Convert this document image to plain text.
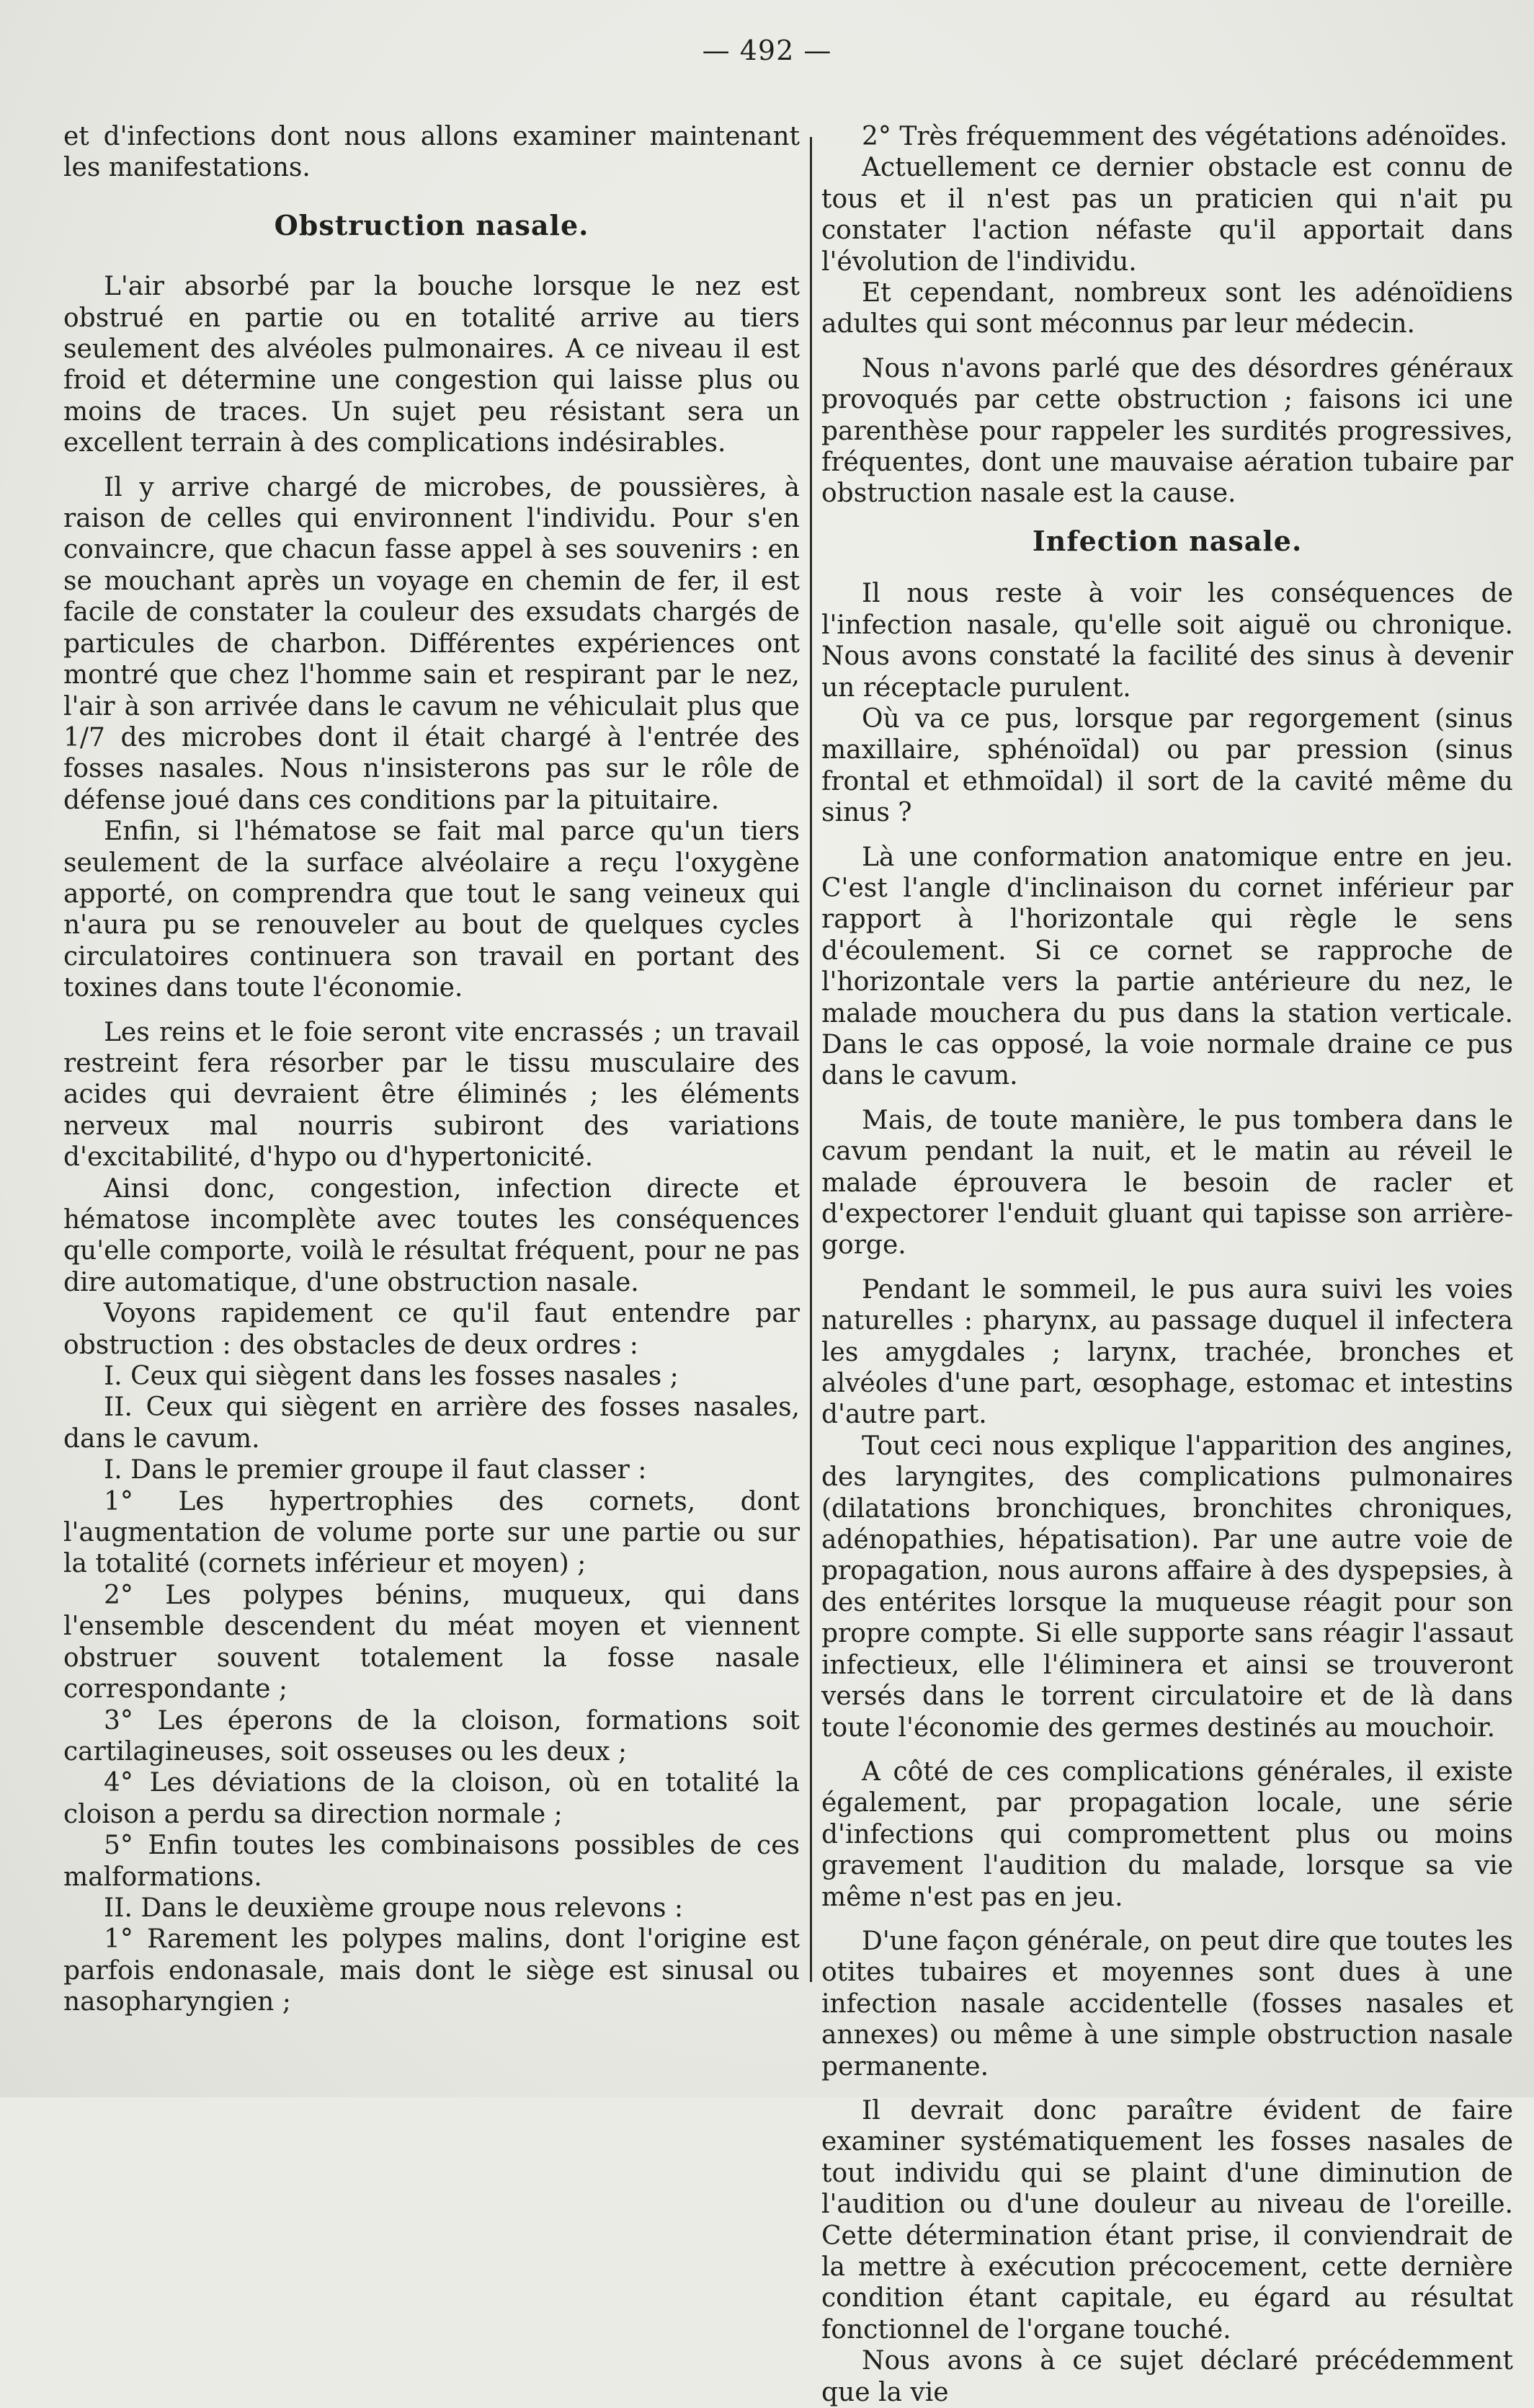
— 492 —

et d'infections dont nous allons examiner maintenant les manifestations.

Obstruction nasale.

L'air absorbé par la bouche lorsque le nez est obstrué en partie ou en totalité arrive au tiers seulement des alvéoles pulmonaires. A ce niveau il est froid et détermine une congestion qui laisse plus ou moins de traces. Un sujet peu résistant sera un excellent terrain à des complications indésirables.

Il y arrive chargé de microbes, de poussières, à raison de celles qui environnent l'individu. Pour s'en convaincre, que chacun fasse appel à ses souvenirs : en se mouchant après un voyage en chemin de fer, il est facile de constater la couleur des exsudats chargés de particules de charbon. Différentes expériences ont montré que chez l'homme sain et respirant par le nez, l'air à son arrivée dans le cavum ne véhiculait plus que 1/7 des microbes dont il était chargé à l'entrée des fosses nasales. Nous n'insisterons pas sur le rôle de défense joué dans ces conditions par la pituitaire.

Enfin, si l'hématose se fait mal parce qu'un tiers seulement de la surface alvéolaire a reçu l'oxygène apporté, on comprendra que tout le sang veineux qui n'aura pu se renouveler au bout de quelques cycles circulatoires continuera son travail en portant des toxines dans toute l'économie.

Les reins et le foie seront vite encrassés ; un travail restreint fera résorber par le tissu musculaire des acides qui devraient être éliminés ; les éléments nerveux mal nourris subiront des variations d'excitabilité, d'hypo ou d'hypertonicité.

Ainsi donc, congestion, infection directe et hématose incomplète avec toutes les conséquences qu'elle comporte, voilà le résultat fréquent, pour ne pas dire automatique, d'une obstruction nasale.

Voyons rapidement ce qu'il faut entendre par obstruction : des obstacles de deux ordres :

I. Ceux qui siègent dans les fosses nasales ;

II. Ceux qui siègent en arrière des fosses nasales, dans le cavum.

I. Dans le premier groupe il faut classer :

1° Les hypertrophies des cornets, dont l'augmentation de volume porte sur une partie ou sur la totalité (cornets inférieur et moyen) ;

2° Les polypes bénins, muqueux, qui dans l'ensemble descendent du méat moyen et viennent obstruer souvent totalement la fosse nasale correspondante ;

3° Les éperons de la cloison, formations soit cartilagineuses, soit osseuses ou les deux ;

4° Les déviations de la cloison, où en totalité la cloison a perdu sa direction normale ;

5° Enfin toutes les combinaisons possibles de ces malformations.

II. Dans le deuxième groupe nous relevons :

1° Rarement les polypes malins, dont l'origine est parfois endonasale, mais dont le siège est sinusal ou nasopharyngien ;

2° Très fréquemment des végétations adénoïdes.

Actuellement ce dernier obstacle est connu de tous et il n'est pas un praticien qui n'ait pu constater l'action néfaste qu'il apportait dans l'évolution de l'individu.

Et cependant, nombreux sont les adénoïdiens adultes qui sont méconnus par leur médecin.

Nous n'avons parlé que des désordres généraux provoqués par cette obstruction ; faisons ici une parenthèse pour rappeler les surdités progressives, fréquentes, dont une mauvaise aération tubaire par obstruction nasale est la cause.

Infection nasale.

Il nous reste à voir les conséquences de l'infection nasale, qu'elle soit aiguë ou chronique. Nous avons constaté la facilité des sinus à devenir un réceptacle purulent.

Où va ce pus, lorsque par regorgement (sinus maxillaire, sphénoïdal) ou par pression (sinus frontal et ethmoïdal) il sort de la cavité même du sinus ?

Là une conformation anatomique entre en jeu. C'est l'angle d'inclinaison du cornet inférieur par rapport à l'horizontale qui règle le sens d'écoulement. Si ce cornet se rapproche de l'horizontale vers la partie antérieure du nez, le malade mouchera du pus dans la station verticale. Dans le cas opposé, la voie normale draine ce pus dans le cavum.

Mais, de toute manière, le pus tombera dans le cavum pendant la nuit, et le matin au réveil le malade éprouvera le besoin de racler et d'expectorer l'enduit gluant qui tapisse son arrière-gorge.

Pendant le sommeil, le pus aura suivi les voies naturelles : pharynx, au passage duquel il infectera les amygdales ; larynx, trachée, bronches et alvéoles d'une part, œsophage, estomac et intestins d'autre part.

Tout ceci nous explique l'apparition des angines, des laryngites, des complications pulmonaires (dilatations bronchiques, bronchites chroniques, adénopathies, hépatisation). Par une autre voie de propagation, nous aurons affaire à des dyspepsies, à des entérites lorsque la muqueuse réagit pour son propre compte. Si elle supporte sans réagir l'assaut infectieux, elle l'éliminera et ainsi se trouveront versés dans le torrent circulatoire et de là dans toute l'économie des germes destinés au mouchoir.

A côté de ces complications générales, il existe également, par propagation locale, une série d'infections qui compromettent plus ou moins gravement l'audition du malade, lorsque sa vie même n'est pas en jeu.

D'une façon générale, on peut dire que toutes les otites tubaires et moyennes sont dues à une infection nasale accidentelle (fosses nasales et annexes) ou même à une simple obstruction nasale permanente.

Il devrait donc paraître évident de faire examiner systématiquement les fosses nasales de tout individu qui se plaint d'une diminution de l'audition ou d'une douleur au niveau de l'oreille. Cette détermination étant prise, il conviendrait de la mettre à exécution précocement, cette dernière condition étant capitale, eu égard au résultat fonctionnel de l'organe touché.

Nous avons à ce sujet déclaré précédemment que la vie
